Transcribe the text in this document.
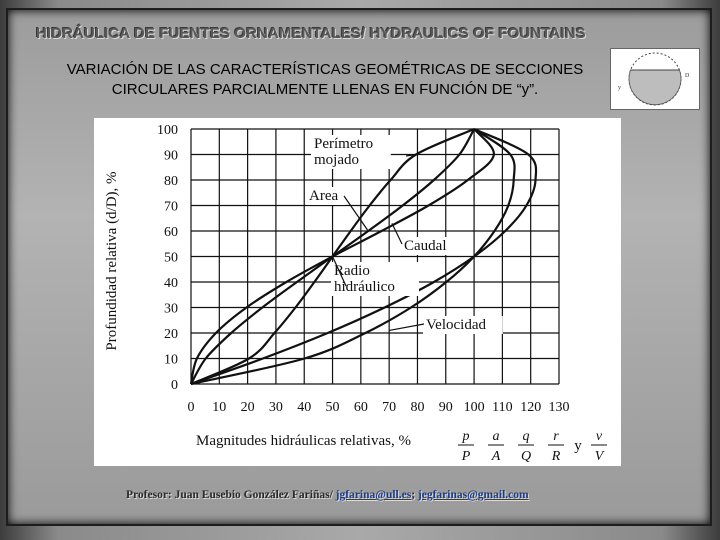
HIDRÁULICA DE FUENTES ORNAMENTALES/ HYDRAULICS OF FOUNTAINS
VARIACIÓN DE LAS CARACTERÍSTICAS GEOMÉTRICAS DE SECCIONES
CIRCULARES PARCIALMENTE LLENAS EN FUNCIÓN DE “y”.	y
D
0 10 20 30 40 50 60 70 80 90 100 110 120 130
0
10
20
30
40
50
60
70
80
90
100
Perímetro
mojado
Area
Caudal
Radio
hidráulico
Velocidad
Profundidad relativa (d/D), %
Magnitudes hidráulicas relativas, %	p
P
a
A
q
Q
r
R
v
V
y
Profesor: Juan Eusebio González Fariñas/ jgfarina@ull.es; jegfarinas@gmail.com
